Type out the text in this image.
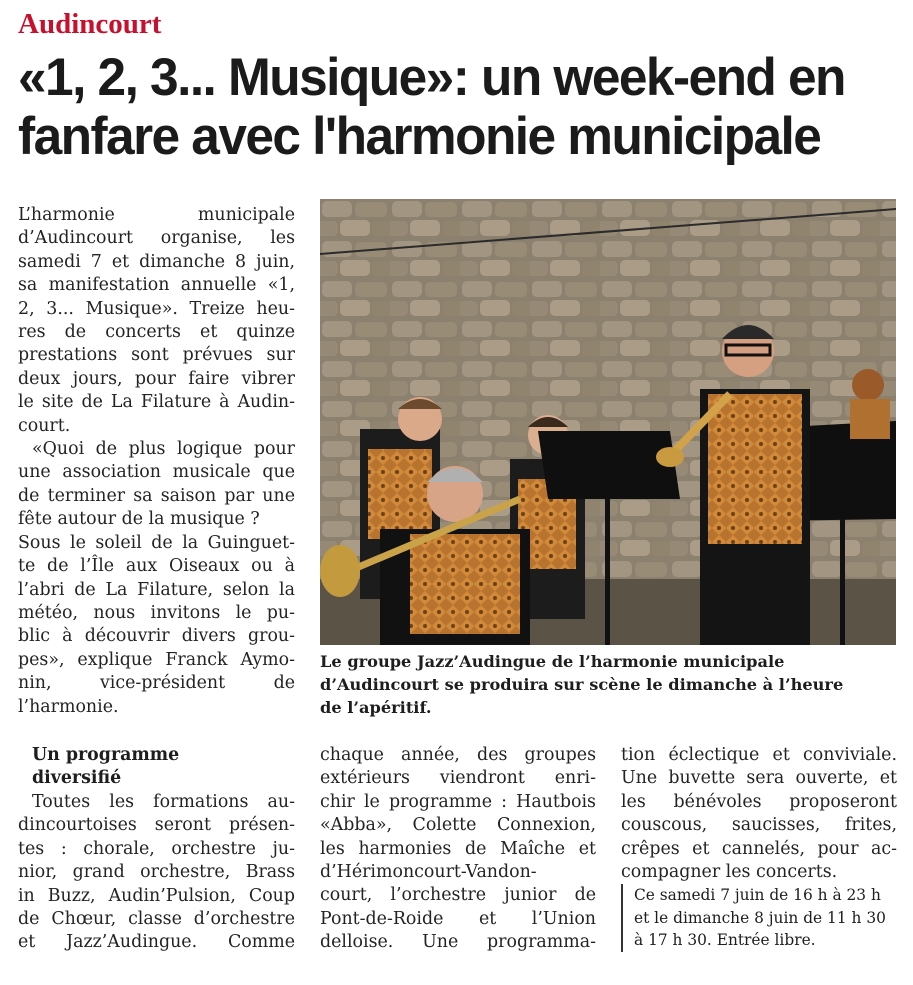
Audincourt
«1, 2, 3... Musique»: un week-end en
fanfare avec l'harmonie municipale
L’harmonie municipale
d’Audincourt organise, les
samedi 7 et dimanche 8 juin,
sa manifestation annuelle «1,
2, 3... Musique». Treize heu-
res de concerts et quinze
prestations sont prévues sur
deux jours, pour faire vibrer
le site de La Filature à Audin-
court.
«Quoi de plus logique pour
une association musicale que
de terminer sa saison par une
fête autour de la musique ?
Sous le soleil de la Guinguet-
te de l’Île aux Oiseaux ou à
l’abri de La Filature, selon la
météo, nous invitons le pu-
blic à découvrir divers grou-
pes», explique Franck Aymo-
nin, vice-président de
l’harmonie.
Le groupe Jazz’Audingue de l’harmonie municipale
d’Audincourt se produira sur scène le dimanche à l’heure
de l’apéritif.
Un programme
diversifié
Toutes les formations au-
dincourtoises seront présen-
tes : chorale, orchestre ju-
nior, grand orchestre, Brass
in Buzz, Audin’Pulsion, Coup
de Chœur, classe d’orchestre
et Jazz’Audingue. Comme
chaque année, des groupes
extérieurs viendront enri-
chir le programme : Hautbois
«Abba», Colette Connexion,
les harmonies de Maîche et
d’Hérimoncourt-Vandon-
court, l’orchestre junior de
Pont-de-Roide et l’Union
delloise. Une programma-
tion éclectique et conviviale.
Une buvette sera ouverte, et
les bénévoles proposeront
couscous, saucisses, frites,
crêpes et cannelés, pour ac-
compagner les concerts.
Ce samedi 7 juin de 16 h à 23 h
et le dimanche 8 juin de 11 h 30
à 17 h 30. Entrée libre.
